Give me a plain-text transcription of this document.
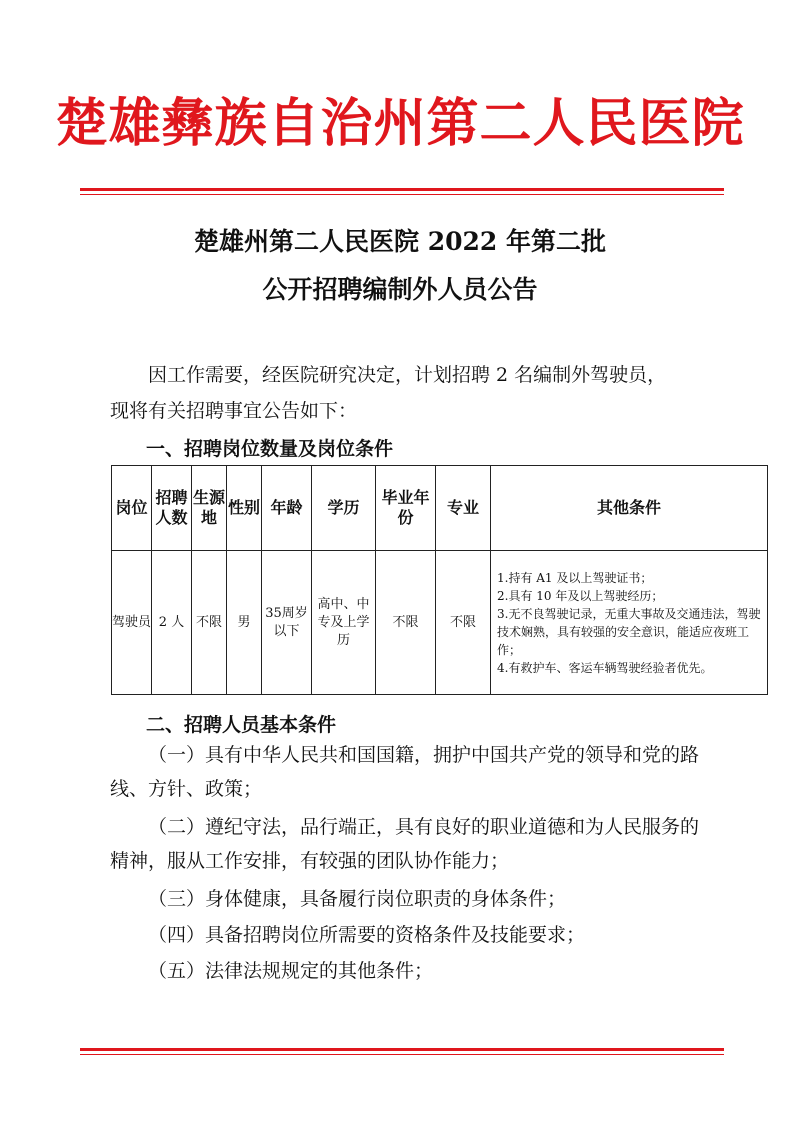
楚雄彝族自治州第二人民医院
楚雄州第二人民医院 2022 年第二批
公开招聘编制外人员公告
因工作需要，经医院研究决定，计划招聘 2 名编制外驾驶员，
现将有关招聘事宜公告如下：
一、招聘岗位数量及岗位条件
岗位	招聘人数	生源地	性别	年龄	学历	毕业年份	专业	其他条件
驾驶员	2 人	不限	男	35周岁以下	高中、中专及上学历	不限	不限	1.持有 A1 及以上驾驶证书；
2.具有 10 年及以上驾驶经历；
3.无不良驾驶记录，无重大事故及交通违法，驾驶技术娴熟，具有较强的安全意识，能适应夜班工作；
4.有救护车、客运车辆驾驶经验者优先。
二、招聘人员基本条件
（一）具有中华人民共和国国籍，拥护中国共产党的领导和党的路线、方针、政策；
（二）遵纪守法，品行端正，具有良好的职业道德和为人民服务的精神，服从工作安排，有较强的团队协作能力；
（三）身体健康，具备履行岗位职责的身体条件；
（四）具备招聘岗位所需要的资格条件及技能要求；
（五）法律法规规定的其他条件；
